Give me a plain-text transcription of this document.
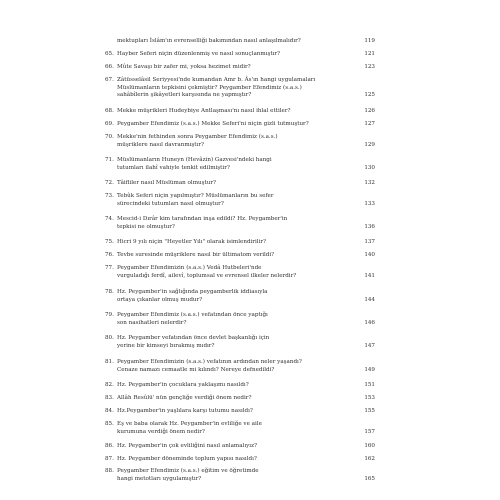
mektupları İslâm'ın evrenselliği bakımından nasıl anlaşılmalıdır?	119
65. Hayber Seferi niçin düzenlenmiş ve nasıl sonuçlanmıştır?	121
66. Mûte Savaşı bir zafer mi, yoksa hezimet midir?	123
67. Zâtüsselâsil Seriyyesi'nde kumandan Amr b. Âs'ın hangi uygulamaları
Müslümanların tepkisini çekmiştir? Peygamber Efendimiz (s.a.s.)
sahâbîlerin şikâyetleri karşısında ne yapmıştır?	125
68. Mekke müşrikleri Hudeybiye Antlaşması'nı nasıl ihlal ettiler?	126
69. Peygamber Efendimiz (s.a.s.) Mekke Seferi'ni niçin gizli tutmuştur?	127
70. Mekke'nin fethinden sonra Peygamber Efendimiz (s.a.s.)
müşriklere nasıl davranmıştır?	129
71. Müslümanların Huneyn (Hevâzin) Gazvesi'ndeki hangi
tutumları ilahî vahiyle tenkit edilmiştir?	130
72. Tâifliler nasıl Müslüman olmuştur?	132
73. Tebûk Seferi niçin yapılmıştır? Müslümanların bu sefer
sürecindeki tutumları nasıl olmuştur?	133
74. Mescid-i Dırâr kim tarafından inşa edildi? Hz. Peygamber'in
tepkisi ne olmuştur?	136
75. Hicri 9 yılı niçin "Heyetler Yılı" olarak isimlendirilir?	137
76. Tevbe suresinde müşriklere nasıl bir ültimatom verildi?	140
77. Peygamber Efendimizin (s.a.s.) Vedâ Hutbeleri'nde
vurguladığı ferdî, ailevî, toplumsal ve evrensel ilkeler nelerdir?	141
78. Hz. Peygamber'in sağlığında peygamberlik iddiasıyla
ortaya çıkanlar olmuş mudur?	144
79. Peygamber Efendimiz (s.a.s.) vefatından önce yaptığı
son nasihatleri nelerdir?	146
80. Hz. Peygamber vefatından önce devlet başkanlığı için
yerine bir kimseyi bırakmış mıdır?	147
81. Peygamber Efendimizin (s.a.s.) vefatının ardından neler yaşandı?
Cenaze namazı cemaatle mi kılındı? Nereye defnedildi?	149
82. Hz. Peygamber'in çocuklara yaklaşımı nasıldı?	151
83. Allâh Resûlü' nün gençliğe verdiği önem nedir?	153
84. Hz.Peygamber'in yaşlılara karşı tutumu nasıldı?	155
85. Eş ve baba olarak Hz. Peygamber'in evliliğe ve aile
kurumuna verdiği önem nedir?	157
86. Hz. Peygamber'in çok evliliğini nasıl anlamalıyız?	160
87. Hz. Peygamber döneminde toplum yapısı nasıldı?	162
88. Peygamber Efendimiz (s.a.s.) eğitim ve öğretimde
hangi metotları uygulamıştır?	165
